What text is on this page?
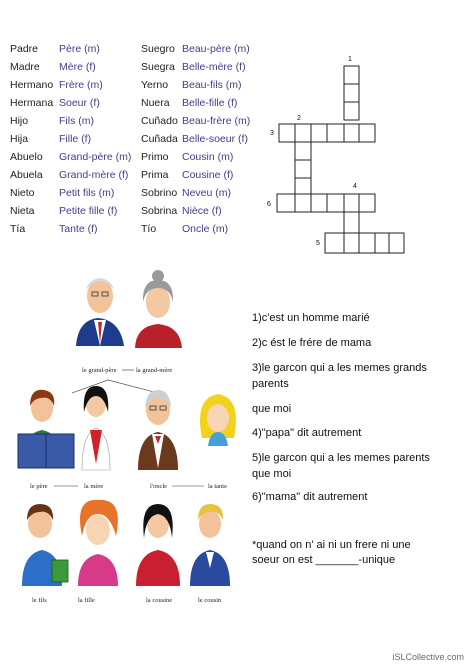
Padre Père (m)	Suegro Beau-père (m)
Madre Mère (f)	Suegra Belle-mère (f)
Hermano Frère (m)	Yerno Beau-fils (m)
Hermana Soeur (f)	Nuera Belle-fille (f)
Hijo	Fils (m)	Cuñado Beau-frère (m)
Hija	Fille (f)	Cuñada Belle-soeur (f)
Abuelo Grand-père (m) Primo Cousin (m)
Abuela Grand-mère (f) Prima Cousine (f)
Nieto Petit fils (m)	Sobrino Neveu (m)
Nieta Petite fille (f) Sobrina Nièce (f)
Tía	Tante (f)	Tío Oncle (m)
1
2
3
4
6
5
le grand-père	la grand-mère
le père	la mère	l'oncle	la tante
le fils	la fille	la cousine	le cousin
1)c'est un homme marié
2)c ést le frére de mama
3)le garcon qui a les memes grands
parents
que moi
4)"papa" dit autrement
5)le garcon qui a les memes parents
que moi
6)"mama" dit autrement
*quand on n' ai ni un frere ni une
soeur on est _______-unique
iSLCollective.com
